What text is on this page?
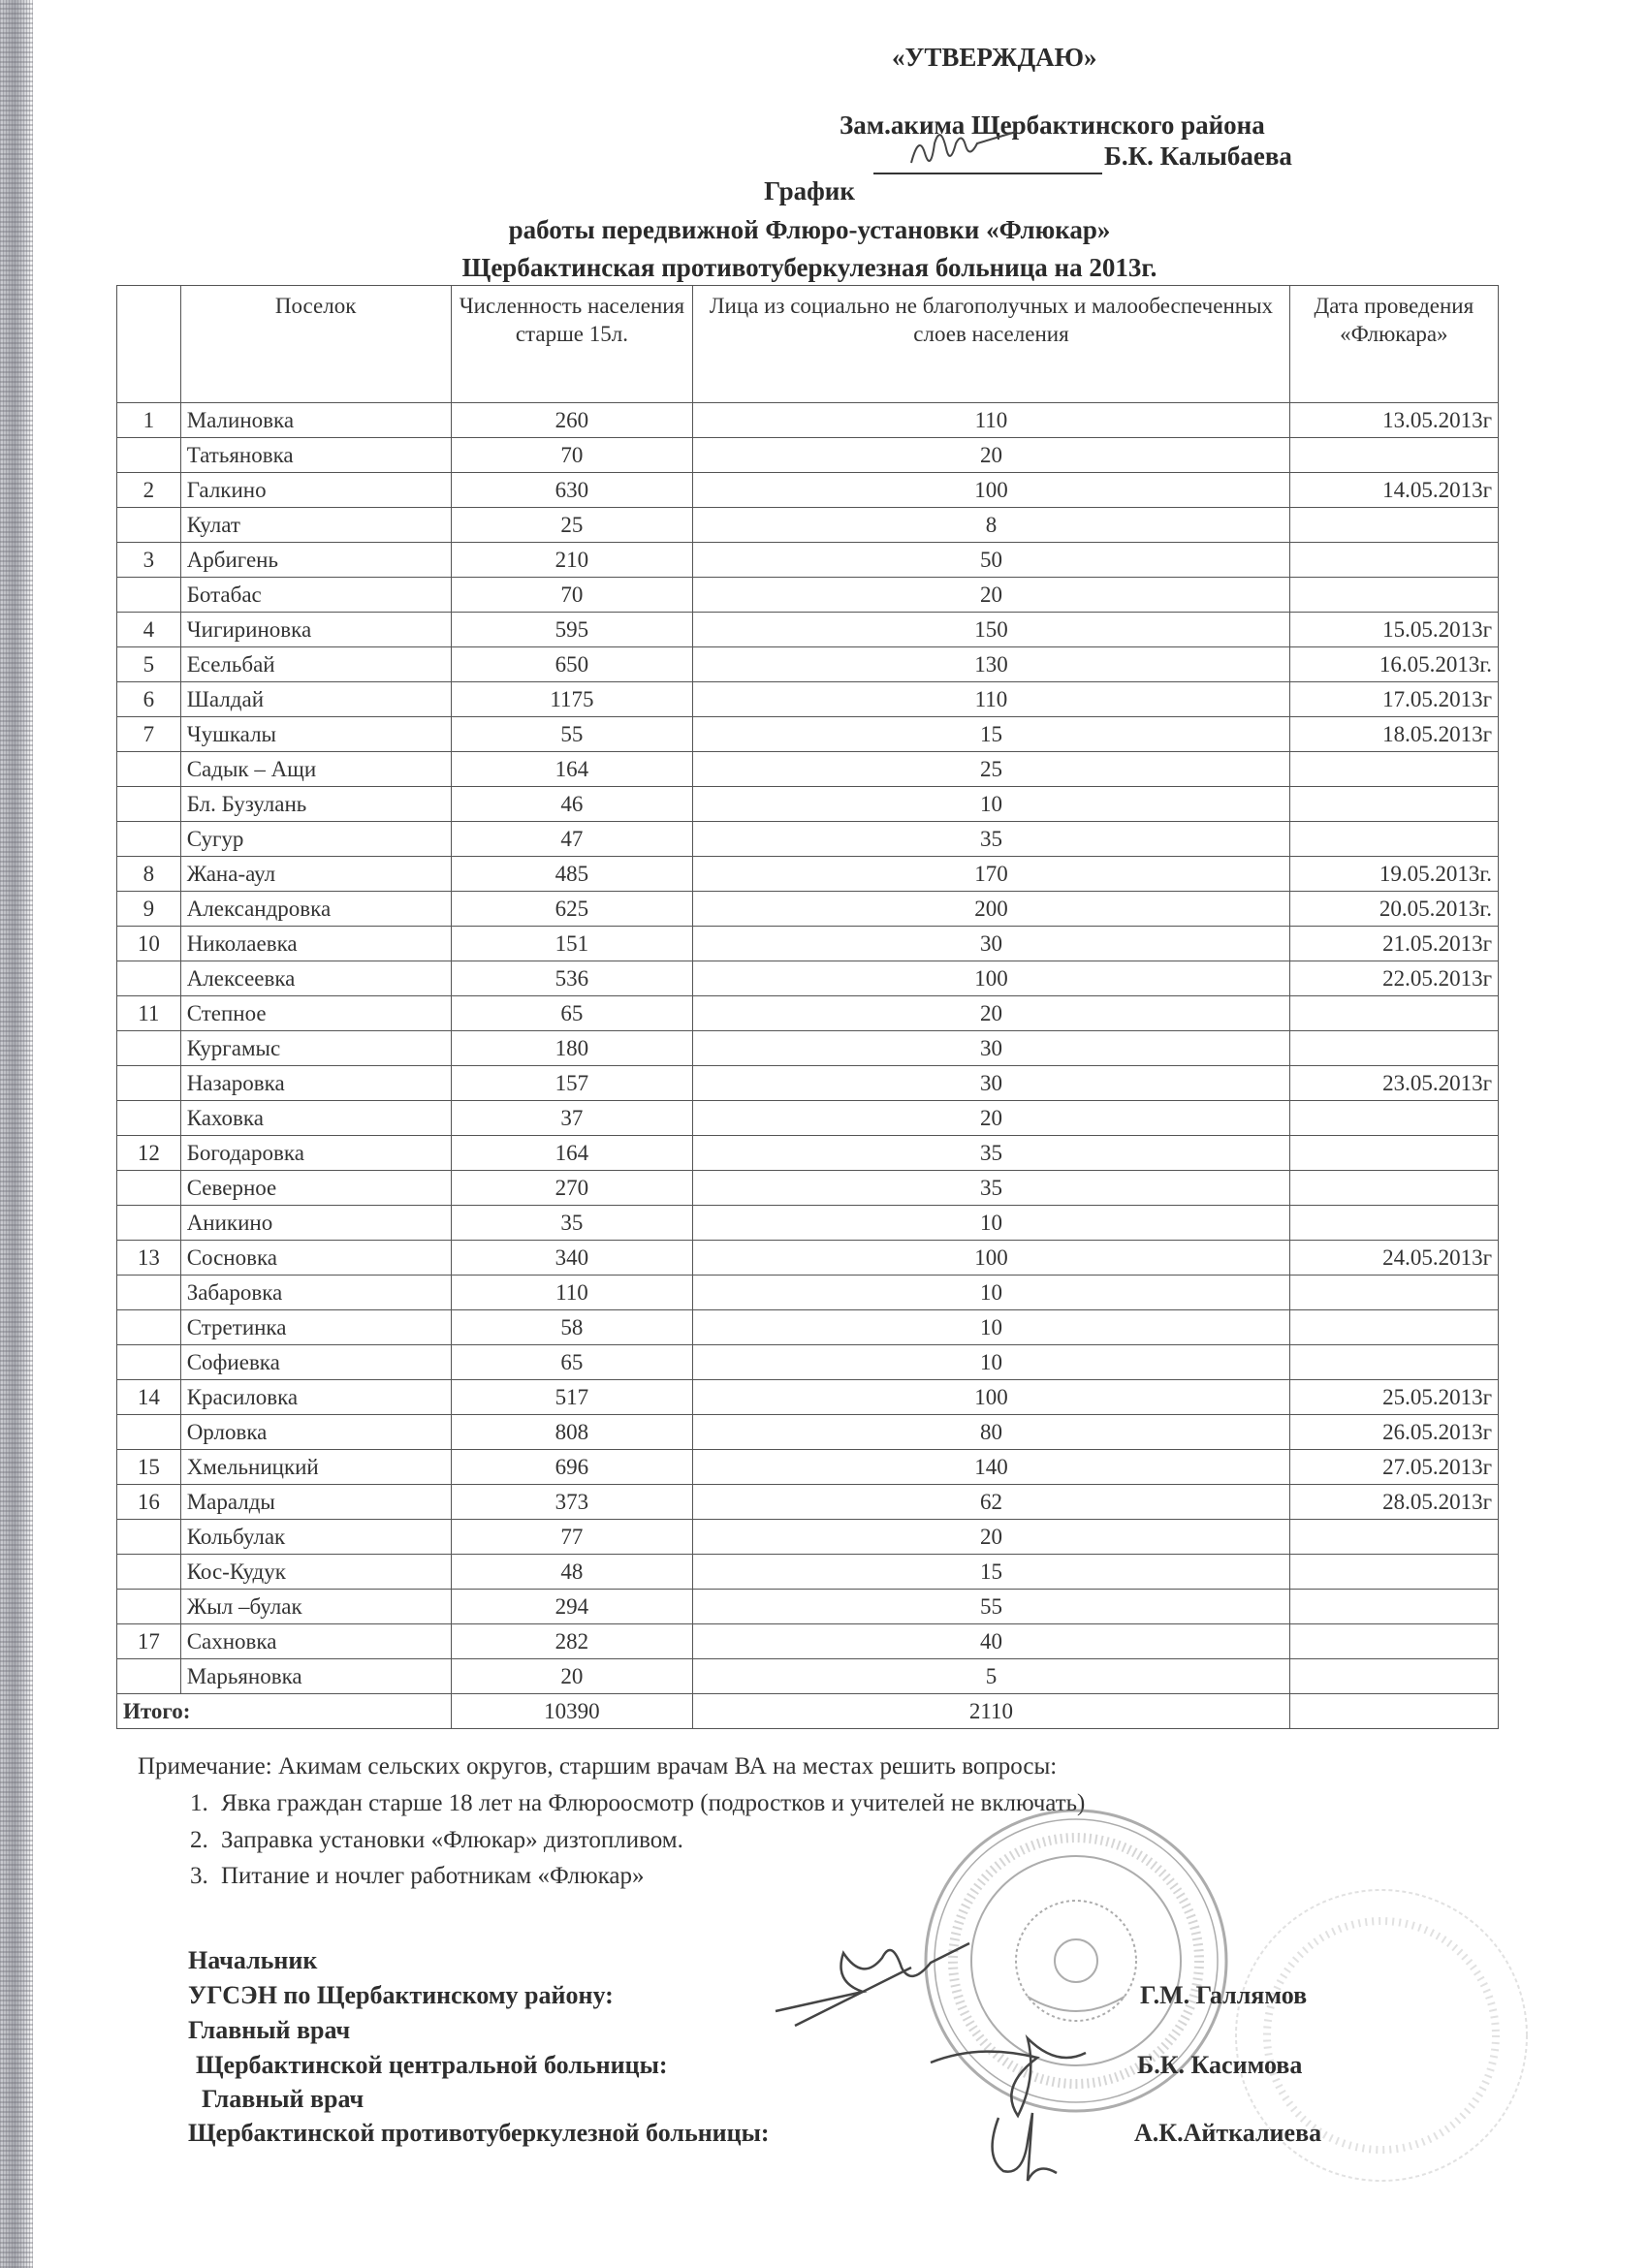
«УТВЕРЖДАЮ»
Зам.акима Щербактинского района
Б.К. Калыбаева
График
работы передвижной Флюро-установки «Флюкар»
Щербактинская противотуберкулезная больница на 2013г.
	Поселок	Численность населения старше 15л.	Лица из социально не благополучных и малообеспеченных слоев населения	Дата проведения «Флюкара»
1	Малиновка	260	110	13.05.2013г
	Татьяновка	70	20	
2	Галкино	630	100	14.05.2013г
	Кулат	25	8	
3	Арбигень	210	50	
	Ботабас	70	20	
4	Чигириновка	595	150	15.05.2013г
5	Есельбай	650	130	16.05.2013г.
6	Шалдай	1175	110	17.05.2013г
7	Чушкалы	55	15	18.05.2013г
	Садык – Ащи	164	25	
	Бл. Бузулань	46	10	
	Сугур	47	35	
8	Жана-аул	485	170	19.05.2013г.
9	Александровка	625	200	20.05.2013г.
10	Николаевка	151	30	21.05.2013г
	Алексеевка	536	100	22.05.2013г
11	Степное	65	20	
	Кургамыс	180	30	
	Назаровка	157	30	23.05.2013г
	Каховка	37	20	
12	Богодаровка	164	35	
	Северное	270	35	
	Аникино	35	10	
13	Сосновка	340	100	24.05.2013г
	Забаровка	110	10	
	Стретинка	58	10	
	Софиевка	65	10	
14	Красиловка	517	100	25.05.2013г
	Орловка	808	80	26.05.2013г
15	Хмельницкий	696	140	27.05.2013г
16	Маралды	373	62	28.05.2013г
	Кольбулак	77	20	
	Кос-Кудук	48	15	
	Жыл –булак	294	55	
17	Сахновка	282	40	
	Марьяновка	20	5	
Итого:		10390	2110	
Примечание: Акимам сельских округов, старшим врачам ВА на местах решить вопросы:
1. Явка граждан старше 18 лет на Флюроосмотр (подростков и учителей не включать)
2. Заправка установки «Флюкар» дизтопливом.
3. Питание и ночлег работникам «Флюкар»
Начальник
УГСЭН по Щербактинскому району:	Г.М. Галлямов
Главный врач
Щербактинской центральной больницы:	Б.К. Касимова
Главный врач
Щербактинской противотуберкулезной больницы:	А.К.Айткалиева
